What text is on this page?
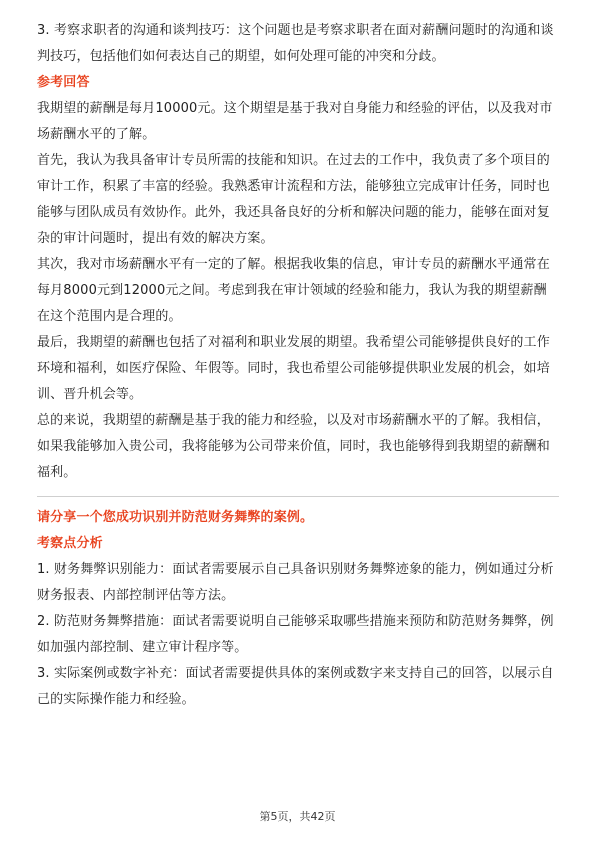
3. 考察求职者的沟通和谈判技巧：这个问题也是考察求职者在面对薪酬问题时的沟通和谈判技巧，包括他们如何表达自己的期望，如何处理可能的冲突和分歧。

参考回答

我期望的薪酬是每月10000元。这个期望是基于我对自身能力和经验的评估，以及我对市场薪酬水平的了解。

首先，我认为我具备审计专员所需的技能和知识。在过去的工作中，我负责了多个项目的审计工作，积累了丰富的经验。我熟悉审计流程和方法，能够独立完成审计任务，同时也能够与团队成员有效协作。此外，我还具备良好的分析和解决问题的能力，能够在面对复杂的审计问题时，提出有效的解决方案。

其次，我对市场薪酬水平有一定的了解。根据我收集的信息，审计专员的薪酬水平通常在每月8000元到12000元之间。考虑到我在审计领域的经验和能力，我认为我的期望薪酬在这个范围内是合理的。

最后，我期望的薪酬也包括了对福利和职业发展的期望。我希望公司能够提供良好的工作环境和福利，如医疗保险、年假等。同时，我也希望公司能够提供职业发展的机会，如培训、晋升机会等。

总的来说，我期望的薪酬是基于我的能力和经验，以及对市场薪酬水平的了解。我相信，如果我能够加入贵公司，我将能够为公司带来价值，同时，我也能够得到我期望的薪酬和福利。

请分享一个您成功识别并防范财务舞弊的案例。

考察点分析

1. 财务舞弊识别能力：面试者需要展示自己具备识别财务舞弊迹象的能力，例如通过分析财务报表、内部控制评估等方法。

2. 防范财务舞弊措施：面试者需要说明自己能够采取哪些措施来预防和防范财务舞弊，例如加强内部控制、建立审计程序等。

3. 实际案例或数字补充：面试者需要提供具体的案例或数字来支持自己的回答，以展示自己的实际操作能力和经验。

第5页，共42页
